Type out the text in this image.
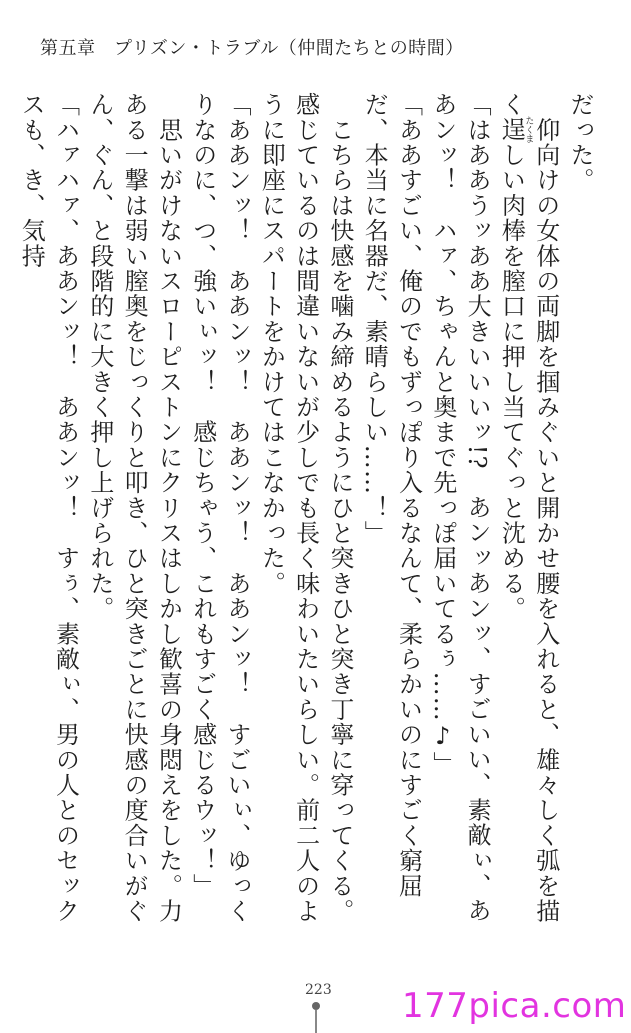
第五章　プリズン・トラブル（仲間たちとの時間）

だった。

　仰向けの女体の両脚を掴みぐいと開かせ腰を入れると、雄々しく弧を描く逞たくましい肉棒を膣口に押し当てぐっと沈める。

「はああうッああ大きいいいッ!?　あンッあンッ、すごいい、素敵ぃ、ああンッ！　ハァ、ちゃんと奥まで先っぽ届いてるぅ……♪」

「ああすごい、俺のでもずっぽり入るなんて、柔らかいのにすごく窮屈だ、本当に名器だ、素晴らしい……！」

　こちらは快感を噛み締めるようにひと突きひと突き丁寧に穿ってくる。感じているのは間違いないが少しでも長く味わいたいらしい。前二人のように即座にスパートをかけてはこなかった。

「ああンッ！　ああンッ！　ああンッ！　ああンッ！　すごいぃ、ゆっくりなのに、つ、強いぃッ！　感じちゃう、これもすごく感じるウッ！」

　思いがけないスローピストンにクリスはしかし歓喜の身悶えをした。力ある一撃は弱い膣奥をじっくりと叩き、ひと突きごとに快感の度合いがぐん、ぐん、と段階的に大きく押し上げられた。

「ハァハァ、ああンッ！　ああンッ！　すぅ、素敵ぃ、男の人とのセックスも、き、気持

223 177pica.com
